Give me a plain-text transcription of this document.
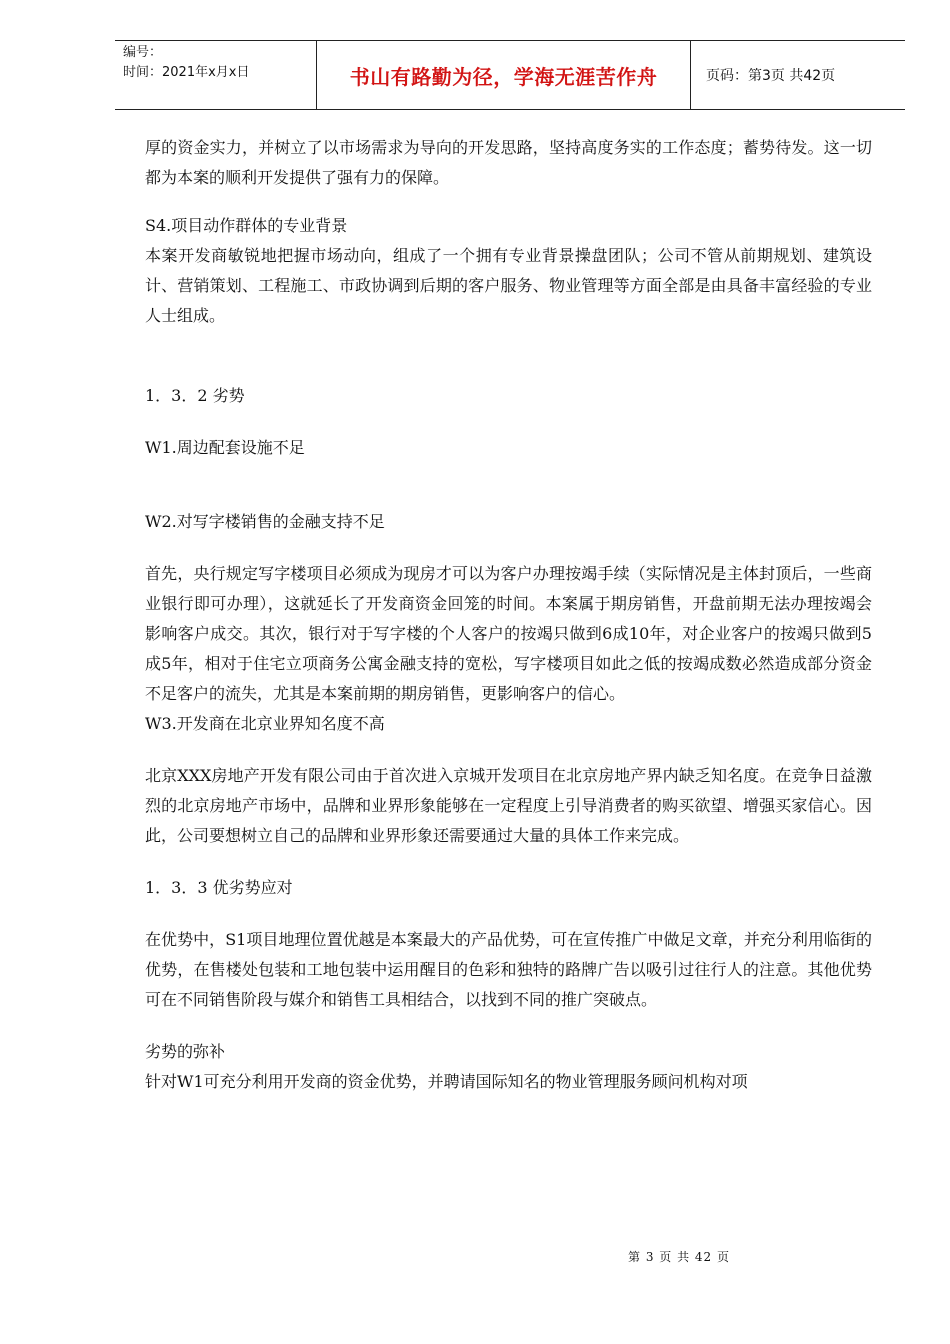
编号：
时间：2021年x月x日	书山有路勤为径，学海无涯苦作舟	页码：第3页 共42页

厚的资金实力，并树立了以市场需求为导向的开发思路，坚持高度务实的工作态度；蓄势待发。这一切都为本案的顺利开发提供了强有力的保障。

S4.项目动作群体的专业背景

本案开发商敏锐地把握市场动向，组成了一个拥有专业背景操盘团队；公司不管从前期规划、建筑设计、营销策划、工程施工、市政协调到后期的客户服务、物业管理等方面全部是由具备丰富经验的专业人士组成。

1．3．2 劣势

W1.周边配套设施不足

W2.对写字楼销售的金融支持不足

首先，央行规定写字楼项目必须成为现房才可以为客户办理按竭手续（实际情况是主体封顶后，一些商业银行即可办理），这就延长了开发商资金回笼的时间。本案属于期房销售，开盘前期无法办理按竭会影响客户成交。其次，银行对于写字楼的个人客户的按竭只做到6成10年，对企业客户的按竭只做到5成5年，相对于住宅立项商务公寓金融支持的宽松，写字楼项目如此之低的按竭成数必然造成部分资金不足客户的流失，尤其是本案前期的期房销售，更影响客户的信心。

W3.开发商在北京业界知名度不高

北京XXX房地产开发有限公司由于首次进入京城开发项目在北京房地产界内缺乏知名度。在竞争日益激烈的北京房地产市场中，品牌和业界形象能够在一定程度上引导消费者的购买欲望、增强买家信心。因此，公司要想树立自己的品牌和业界形象还需要通过大量的具体工作来完成。

1．3．3 优劣势应对

在优势中，S1项目地理位置优越是本案最大的产品优势，可在宣传推广中做足文章，并充分利用临街的优势，在售楼处包装和工地包装中运用醒目的色彩和独特的路牌广告以吸引过往行人的注意。其他优势可在不同销售阶段与媒介和销售工具相结合，以找到不同的推广突破点。

劣势的弥补

针对W1可充分利用开发商的资金优势，并聘请国际知名的物业管理服务顾问机构对项

第 3 页 共 42 页
